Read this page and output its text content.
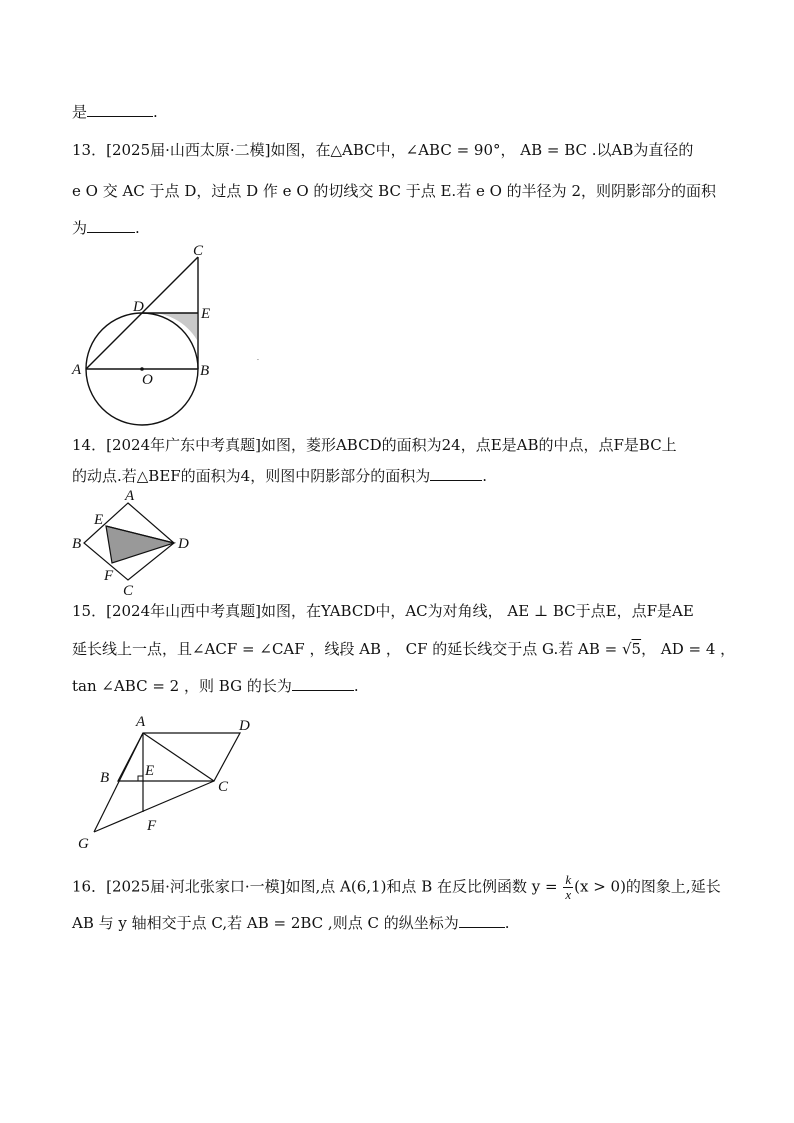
是	.
13．[2025届·山西太原·二模]如图，在△ABC中，∠ABC = 90°， AB = BC .以AB为直径的
e O 交 AC 于点 D，过点 D 作 e O 的切线交 BC 于点 E.若 e O 的半径为 2，则阴影部分的面积
为	.
C
D	E
A
O
B
·
14．[2024年广东中考真题]如图，菱形ABCD的面积为24，点E是AB的中点，点F是BC上
的动点.若△BEF的面积为4，则图中阴影部分的面积为	.
A
E
B	D
F
C
15．[2024年山西中考真题]如图，在YABCD中，AC为对角线， AE ⊥ BC于点E，点F是AE
延长线上一点，且∠ACF = ∠CAF ，线段 AB ， CF 的延长线交于点 G.若 AB = √5， AD = 4 ，
tan ∠ABC = 2 ，则 BG 的长为	.
A	D
B E
C
F
G
16．[2025届·河北张家口·一模]如图,点 A(6,1)和点 B 在反比例函数 $y = \frac{k}{x} (x > 0)$的图象上,延长
AB 与 y 轴相交于点 C,若 AB = 2BC ,则点 C 的纵坐标为	.
